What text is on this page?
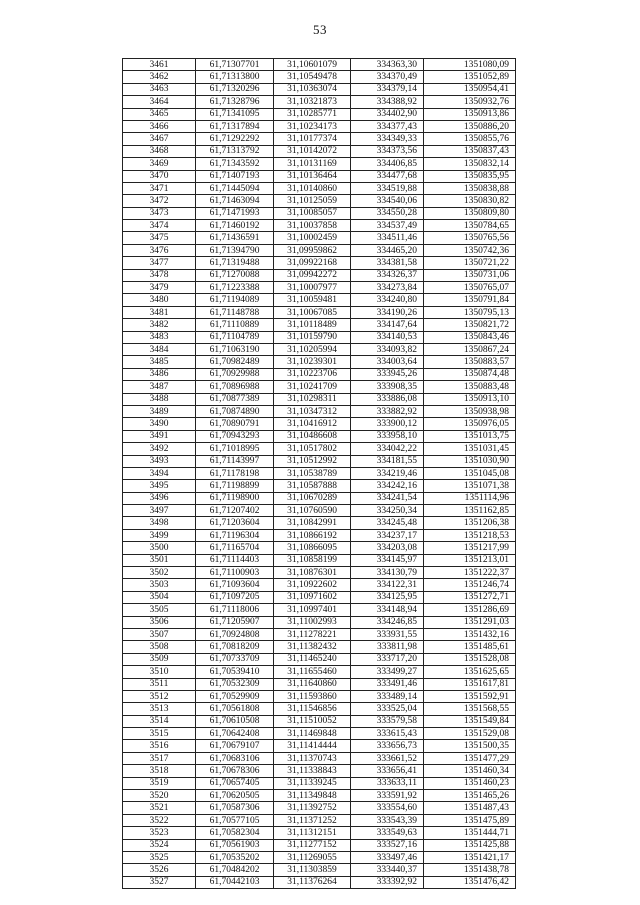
53
3461	61,71307701	31,10601079	334363,30	1351080,09
3462	61,71313800	31,10549478	334370,49	1351052,89
3463	61,71320296	31,10363074	334379,14	1350954,41
3464	61,71328796	31,10321873	334388,92	1350932,76
3465	61,71341095	31,10285771	334402,90	1350913,86
3466	61,71317894	31,10234173	334377,43	1350886,20
3467	61,71292292	31,10177374	334349,33	1350855,76
3468	61,71313792	31,10142072	334373,56	1350837,43
3469	61,71343592	31,10131169	334406,85	1350832,14
3470	61,71407193	31,10136464	334477,68	1350835,95
3471	61,71445094	31,10140860	334519,88	1350838,88
3472	61,71463094	31,10125059	334540,06	1350830,82
3473	61,71471993	31,10085057	334550,28	1350809,80
3474	61,71460192	31,10037858	334537,49	1350784,65
3475	61,71436591	31,10002459	334511,46	1350765,56
3476	61,71394790	31,09959862	334465,20	1350742,36
3477	61,71319488	31,09922168	334381,58	1350721,22
3478	61,71270088	31,09942272	334326,37	1350731,06
3479	61,71223388	31,10007977	334273,84	1350765,07
3480	61,71194089	31,10059481	334240,80	1350791,84
3481	61,71148788	31,10067085	334190,26	1350795,13
3482	61,71110889	31,10118489	334147,64	1350821,72
3483	61,71104789	31,10159790	334140,53	1350843,46
3484	61,71063190	31,10205994	334093,82	1350867,24
3485	61,70982489	31,10239301	334003,64	1350883,57
3486	61,70929988	31,10223706	333945,26	1350874,48
3487	61,70896988	31,10241709	333908,35	1350883,48
3488	61,70877389	31,10298311	333886,08	1350913,10
3489	61,70874890	31,10347312	333882,92	1350938,98
3490	61,70890791	31,10416912	333900,12	1350976,05
3491	61,70943293	31,10486608	333958,10	1351013,75
3492	61,71018995	31,10517802	334042,22	1351031,45
3493	61,71143997	31,10512992	334181,55	1351030,90
3494	61,71178198	31,10538789	334219,46	1351045,08
3495	61,71198899	31,10587888	334242,16	1351071,38
3496	61,71198900	31,10670289	334241,54	1351114,96
3497	61,71207402	31,10760590	334250,34	1351162,85
3498	61,71203604	31,10842991	334245,48	1351206,38
3499	61,71196304	31,10866192	334237,17	1351218,53
3500	61,71165704	31,10866095	334203,08	1351217,99
3501	61,71114403	31,10858199	334145,97	1351213,01
3502	61,71100903	31,10876301	334130,79	1351222,37
3503	61,71093604	31,10922602	334122,31	1351246,74
3504	61,71097205	31,10971602	334125,95	1351272,71
3505	61,71118006	31,10997401	334148,94	1351286,69
3506	61,71205907	31,11002993	334246,85	1351291,03
3507	61,70924808	31,11278221	333931,55	1351432,16
3508	61,70818209	31,11382432	333811,98	1351485,61
3509	61,70733709	31,11465240	333717,20	1351528,08
3510	61,70539410	31,11655460	333499,27	1351625,65
3511	61,70532309	31,11640860	333491,46	1351617,81
3512	61,70529909	31,11593860	333489,14	1351592,91
3513	61,70561808	31,11546856	333525,04	1351568,55
3514	61,70610508	31,11510052	333579,58	1351549,84
3515	61,70642408	31,11469848	333615,43	1351529,08
3516	61,70679107	31,11414444	333656,73	1351500,35
3517	61,70683106	31,11370743	333661,52	1351477,29
3518	61,70678306	31,11338843	333656,41	1351460,34
3519	61,70657405	31,11339245	333633,11	1351460,23
3520	61,70620505	31,11349848	333591,92	1351465,26
3521	61,70587306	31,11392752	333554,60	1351487,43
3522	61,70577105	31,11371252	333543,39	1351475,89
3523	61,70582304	31,11312151	333549,63	1351444,71
3524	61,70561903	31,11277152	333527,16	1351425,88
3525	61,70535202	31,11269055	333497,46	1351421,17
3526	61,70484202	31,11303859	333440,37	1351438,78
3527	61,70442103	31,11376264	333392,92	1351476,42
